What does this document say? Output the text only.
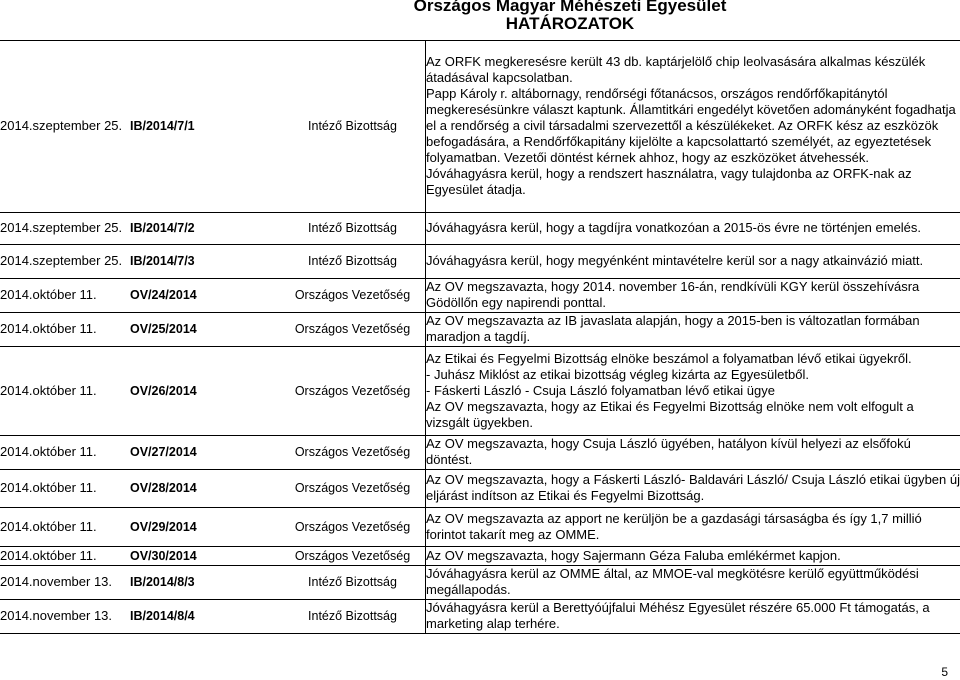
Országos Magyar Méhészeti Egyesület
HATÁROZATOK
2014.szeptember 25.	IB/2014/7/1	Intéző Bizottság	Az ORFK megkeresésre került 43 db. kaptárjelölő chip leolvasására alkalmas készülék átadásával kapcsolatban.
Papp Károly r. altábornagy, rendőrségi főtanácsos, országos rendőrfőkapitánytól megkeresésünkre választ kaptunk. Államtitkári engedélyt követően adományként fogadhatja el a rendőrség a civil társadalmi szervezettől a készülékeket. Az ORFK kész az eszközök befogadására, a Rendőrfőkapitány kijelölte a kapcsolattartó személyét, az egyeztetések folyamatban. Vezetői döntést kérnek ahhoz, hogy az eszközöket átvehessék.
Jóváhagyásra kerül, hogy a rendszert használatra, vagy tulajdonba az ORFK-nak az Egyesület átadja.

2014.szeptember 25.	IB/2014/7/2	Intéző Bizottság	Jóváhagyásra kerül, hogy a tagdíjra vonatkozóan a 2015-ös évre ne történjen emelés.

2014.szeptember 25.	IB/2014/7/3	Intéző Bizottság	Jóváhagyásra kerül, hogy megyénként mintavételre kerül sor a nagy atkainvázió miatt.

2014.október 11.	OV/24/2014	Országos Vezetőség	Az OV megszavazta, hogy 2014. november 16-án, rendkívüli KGY kerül összehívásra Gödöllőn egy napirendi ponttal.

2014.október 11.	OV/25/2014	Országos Vezetőség	Az OV megszavazta az IB javaslata alapján, hogy a 2015-ben is változatlan formában maradjon a tagdíj.

2014.október 11.	OV/26/2014	Országos Vezetőség	Az Etikai és Fegyelmi Bizottság elnöke beszámol a folyamatban lévő etikai ügyekről.
- Juhász Miklóst az etikai bizottság végleg kizárta az Egyesületből.
- Fáskerti László - Csuja László folyamatban lévő etikai ügye
Az OV megszavazta, hogy az Etikai és Fegyelmi Bizottság elnöke nem volt elfogult a vizsgált ügyekben.

2014.október 11.	OV/27/2014	Országos Vezetőség	Az OV megszavazta, hogy Csuja László ügyében, hatályon kívül helyezi az elsőfokú döntést.

2014.október 11.	OV/28/2014	Országos Vezetőség	Az OV megszavazta, hogy a Fáskerti László- Baldavári László/ Csuja László etikai ügyben új eljárást indítson az Etikai és Fegyelmi Bizottság.

2014.október 11.	OV/29/2014	Országos Vezetőség	Az OV megszavazta az apport ne kerüljön be a gazdasági társaságba és így 1,7 millió forintot takarít meg az OMME.

2014.október 11.	OV/30/2014	Országos Vezetőség	Az OV megszavazta, hogy Sajermann Géza Faluba emlékérmet kapjon.

2014.november 13.	IB/2014/8/3	Intéző Bizottság	Jóváhagyásra kerül az OMME által, az MMOE-val megkötésre kerülő együttműködési megállapodás.

2014.november 13.	IB/2014/8/4	Intéző Bizottság	Jóváhagyásra kerül a Berettyóújfalui Méhész Egyesület részére 65.000 Ft támogatás, a marketing alap terhére.
5
